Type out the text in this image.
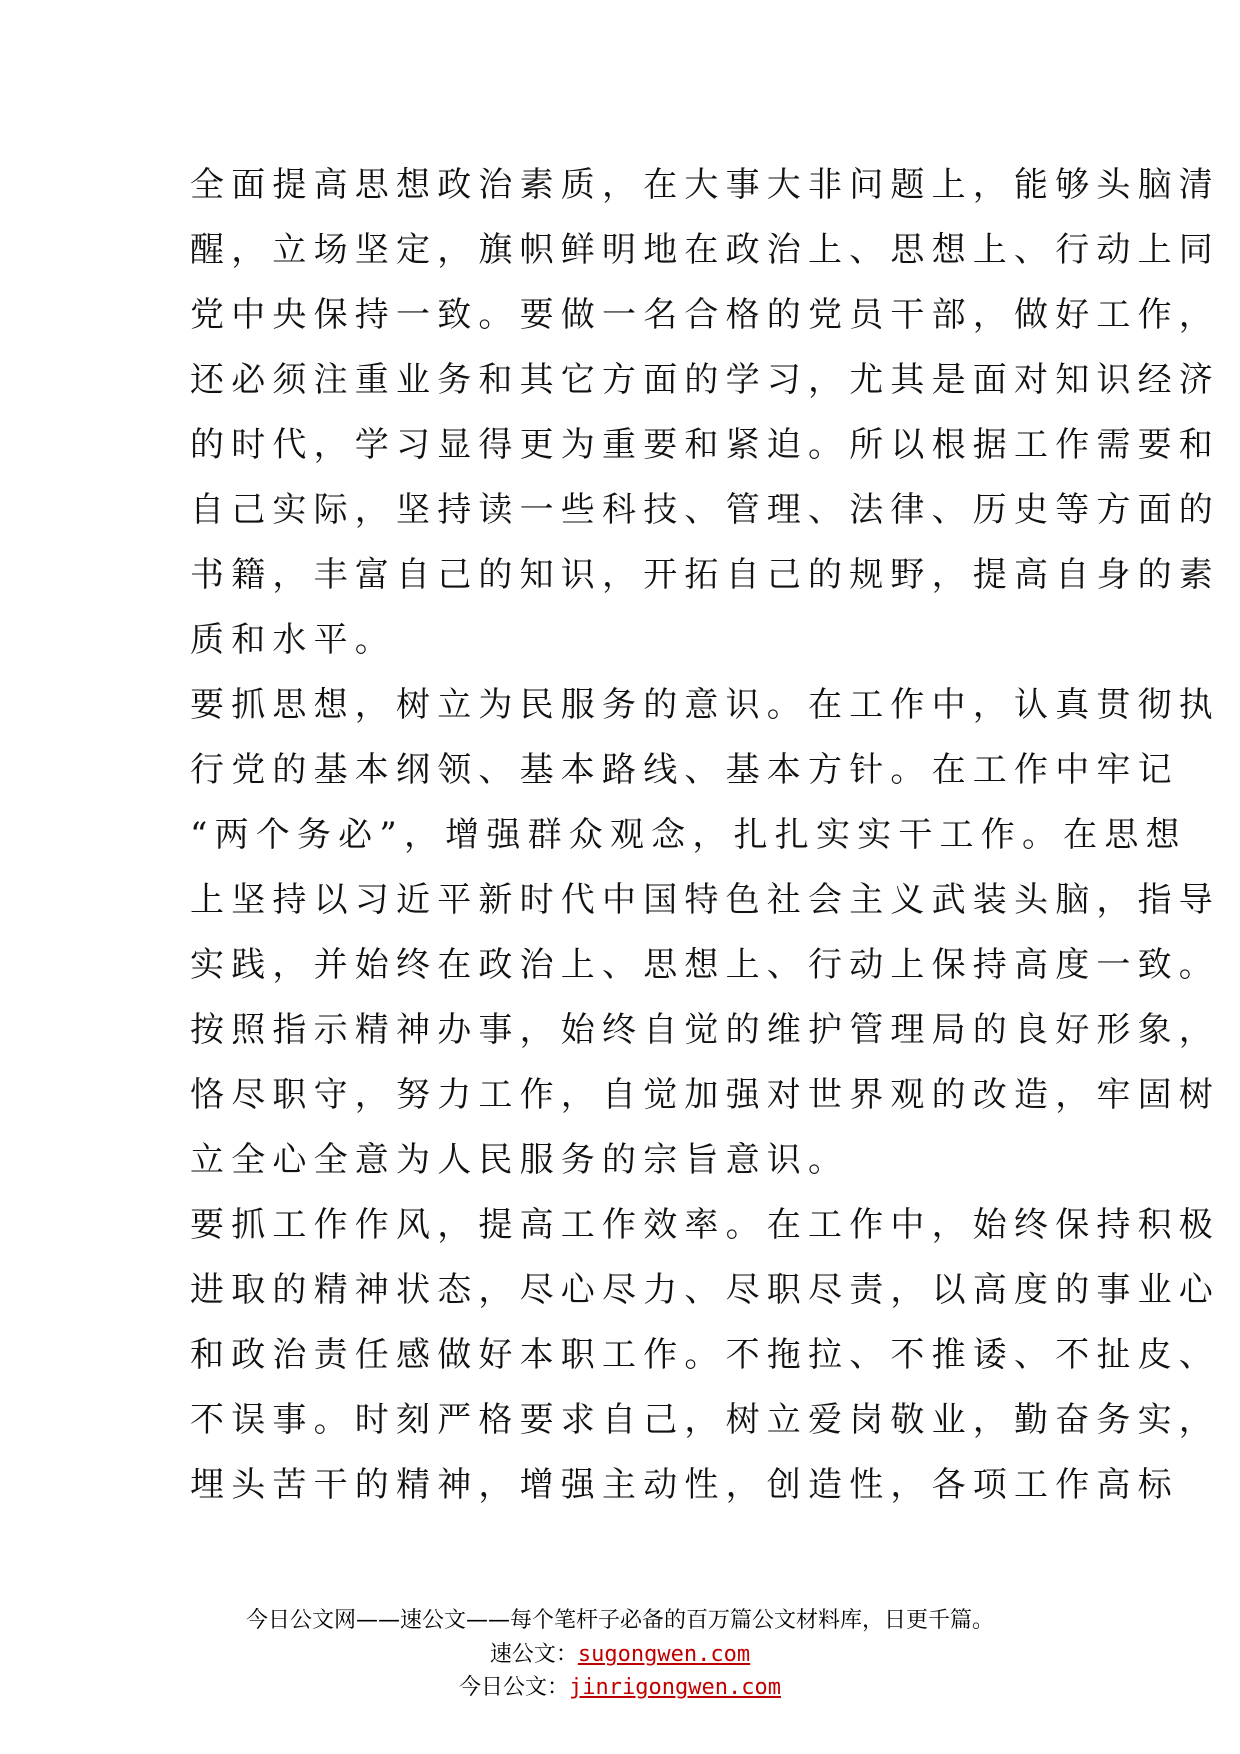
全面提高思想政治素质，在大事大非问题上，能够头脑清
醒，立场坚定，旗帜鲜明地在政治上、思想上、行动上同
党中央保持一致。要做一名合格的党员干部，做好工作，
还必须注重业务和其它方面的学习，尤其是面对知识经济
的时代，学习显得更为重要和紧迫。所以根据工作需要和
自己实际，坚持读一些科技、管理、法律、历史等方面的
书籍，丰富自己的知识，开拓自己的规野，提高自身的素
质和水平。
要抓思想，树立为民服务的意识。在工作中，认真贯彻执
行党的基本纲领、基本路线、基本方针。在工作中牢记
“两个务必”，增强群众观念，扎扎实实干工作。在思想
上坚持以习近平新时代中国特色社会主义武装头脑，指导
实践，并始终在政治上、思想上、行动上保持高度一致。
按照指示精神办事，始终自觉的维护管理局的良好形象，
恪尽职守，努力工作，自觉加强对世界观的改造，牢固树
立全心全意为人民服务的宗旨意识。
要抓工作作风，提高工作效率。在工作中，始终保持积极
进取的精神状态，尽心尽力、尽职尽责，以高度的事业心
和政治责任感做好本职工作。不拖拉、不推诿、不扯皮、
不误事。时刻严格要求自己，树立爱岗敬业，勤奋务实，
埋头苦干的精神，增强主动性，创造性，各项工作高标
今日公文网——速公文——每个笔杆子必备的百万篇公文材料库，日更千篇。
速公文：sugongwen.com
今日公文：jinrigongwen.com
